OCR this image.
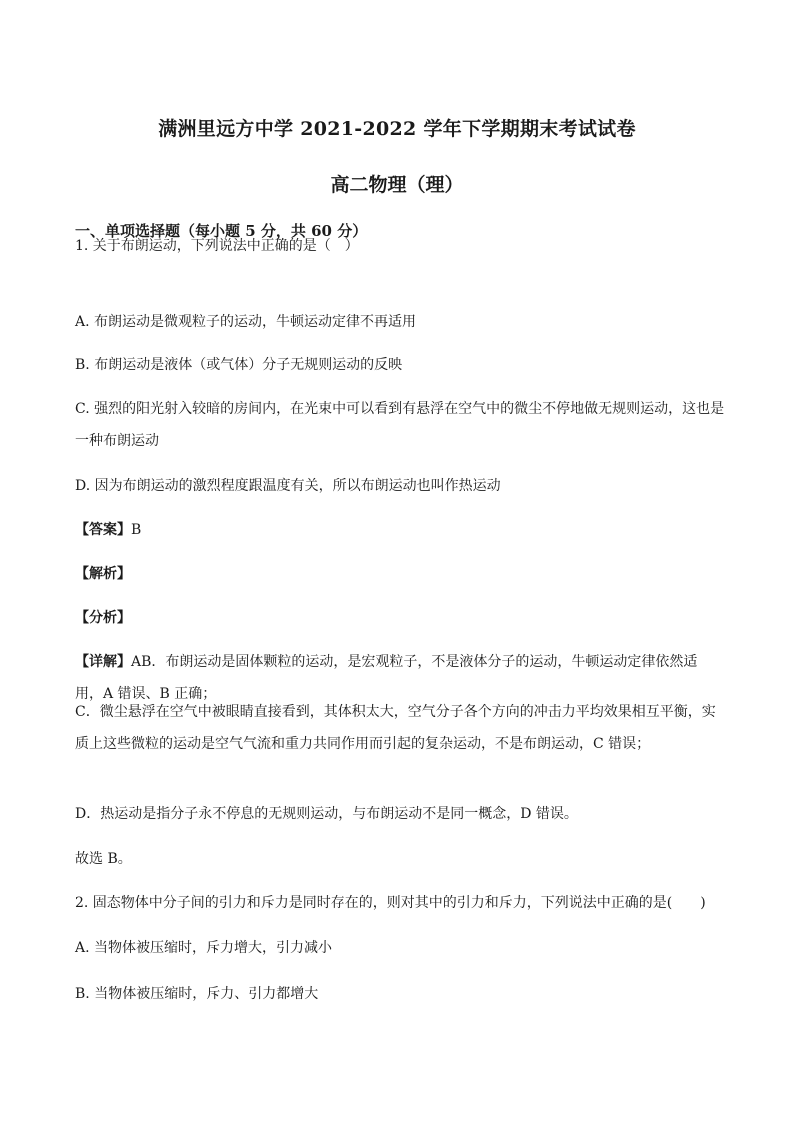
满洲里远方中学 2021-2022 学年下学期期末考试试卷
高二物理（理）
一、单项选择题（每小题 5 分，共 60 分）
1. 关于布朗运动，下列说法中正确的是（　）
A. 布朗运动是微观粒子的运动，牛顿运动定律不再适用
B. 布朗运动是液体（或气体）分子无规则运动的反映
C. 强烈的阳光射入较暗的房间内，在光束中可以看到有悬浮在空气中的微尘不停地做无规则运动，这也是一种布朗运动
D. 因为布朗运动的激烈程度跟温度有关，所以布朗运动也叫作热运动
【答案】B
【解析】
【分析】
【详解】AB．布朗运动是固体颗粒的运动，是宏观粒子，不是液体分子的运动，牛顿运动定律依然适用，A 错误、B 正确；
C．微尘悬浮在空气中被眼睛直接看到，其体积太大，空气分子各个方向的冲击力平均效果相互平衡，实质上这些微粒的运动是空气气流和重力共同作用而引起的复杂运动，不是布朗运动，C 错误；
D．热运动是指分子永不停息的无规则运动，与布朗运动不是同一概念，D 错误。
故选 B。
2. 固态物体中分子间的引力和斥力是同时存在的，则对其中的引力和斥力，下列说法中正确的是(　　)
A. 当物体被压缩时，斥力增大，引力减小
B. 当物体被压缩时，斥力、引力都增大
